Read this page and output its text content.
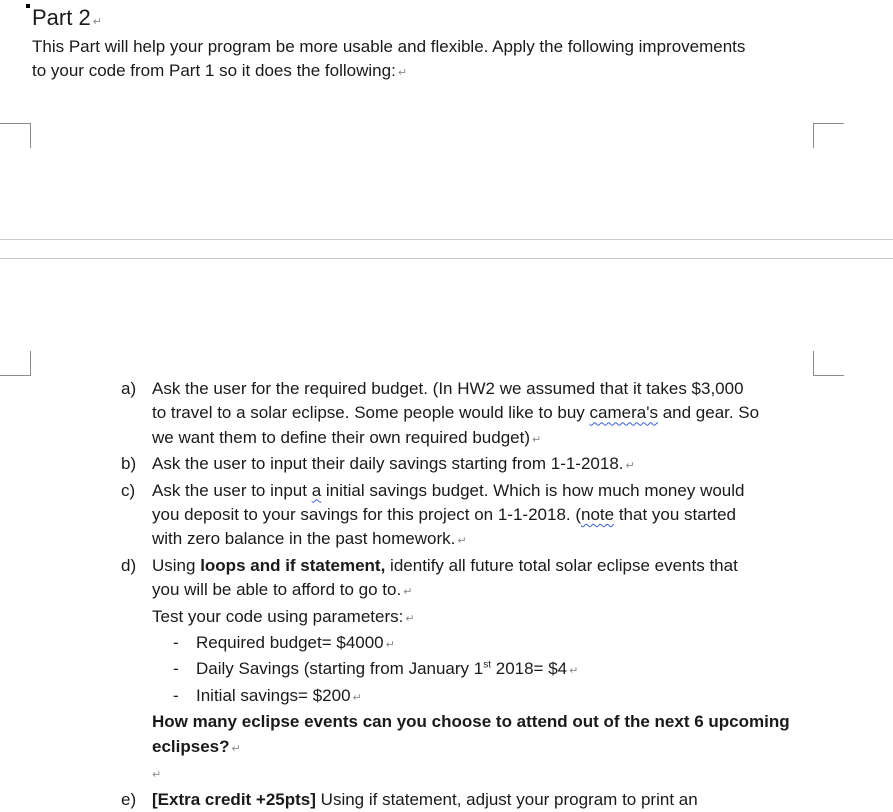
Part 2 ↵
This Part will help your program be more usable and flexible. Apply the following improvements
to your code from Part 1 so it does the following: ↵
a) Ask the user for the required budget. (In HW2 we assumed that it takes $3,000
to travel to a solar eclipse. Some people would like to buy camera's and gear. So
we want them to define their own required budget) ↵
b) Ask the user to input their daily savings starting from 1-1-2018. ↵
c) Ask the user to input a initial savings budget. Which is how much money would
you deposit to your savings for this project on 1-1-2018. (note that you started
with zero balance in the past homework. ↵
d) Using loops and if statement, identify all future total solar eclipse events that
you will be able to afford to go to. ↵
Test your code using parameters: ↵
- Required budget= $4000 ↵
- Daily Savings (starting from January 1st 2018= $4 ↵
- Initial savings= $200 ↵
How many eclipse events can you choose to attend out of the next 6 upcoming
eclipses? ↵
↵
e) [Extra credit +25pts] Using if statement, adjust your program to print an
